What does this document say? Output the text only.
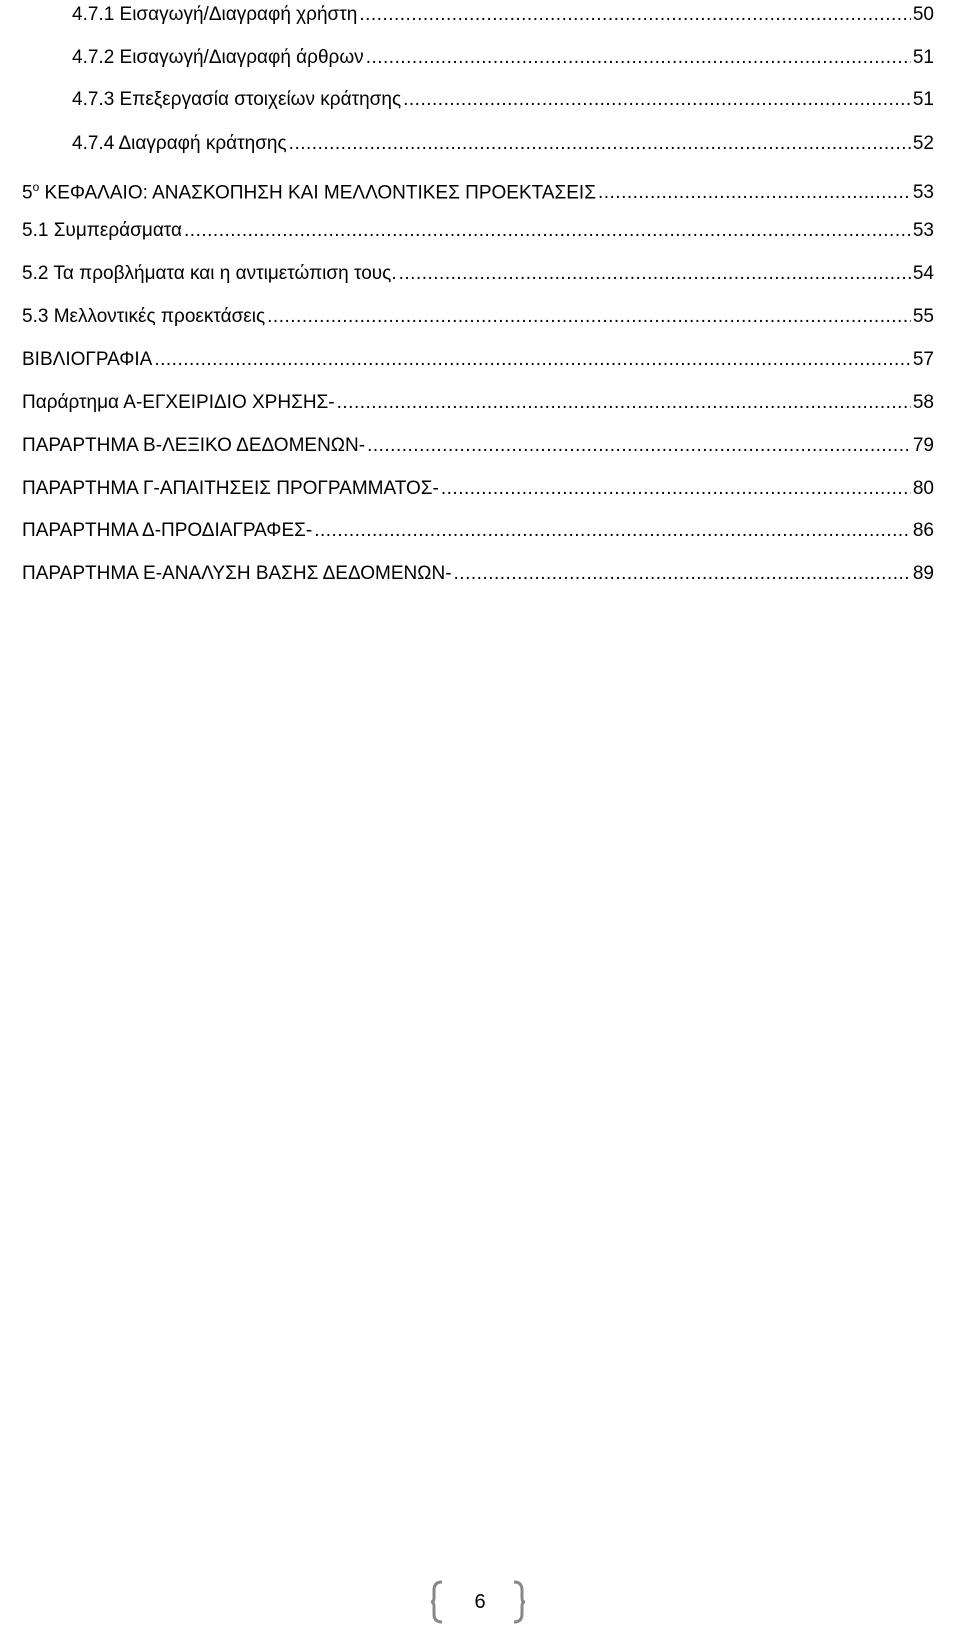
4.7.1 Εισαγωγή/Διαγραφή χρήστη .....	50
4.7.2 Εισαγωγή/Διαγραφή άρθρων .....	51
4.7.3 Επεξεργασία στοιχείων κράτησης .....	51
4.7.4 Διαγραφή κράτησης .....	52
$5^o$ ΚΕΦΑΛΑΙΟ: ΑΝΑΣΚΟΠΗΣΗ ΚΑΙ ΜΕΛΛΟΝΤΙΚΕΣ ΠΡΟΕΚΤΑΣΕΙΣ .....	53
5.1 Συμπεράσματα .....	53
5.2 Τα προβλήματα και η αντιμετώπιση τους. .....	54
5.3 Μελλοντικές προεκτάσεις .....	55
ΒΙΒΛΙΟΓΡΑΦΙΑ .....	57
Παράρτημα Α-ΕΓΧΕΙΡΙΔΙΟ ΧΡΗΣΗΣ- .....	58
ΠΑΡΑΡΤΗΜΑ Β-ΛΕΞΙΚΟ ΔΕΔΟΜΕΝΩΝ- .....	79
ΠΑΡΑΡΤΗΜΑ Γ-ΑΠΑΙΤΗΣΕΙΣ ΠΡΟΓΡΑΜΜΑΤΟΣ- .....	80
ΠΑΡΑΡΤΗΜΑ Δ-ΠΡΟΔΙΑΓΡΑΦΕΣ- .....	86
ΠΑΡΑΡΤΗΜΑ Ε-ΑΝΑΛΥΣΗ ΒΑΣΗΣ ΔΕΔΟΜΕΝΩΝ- .....	89
6
